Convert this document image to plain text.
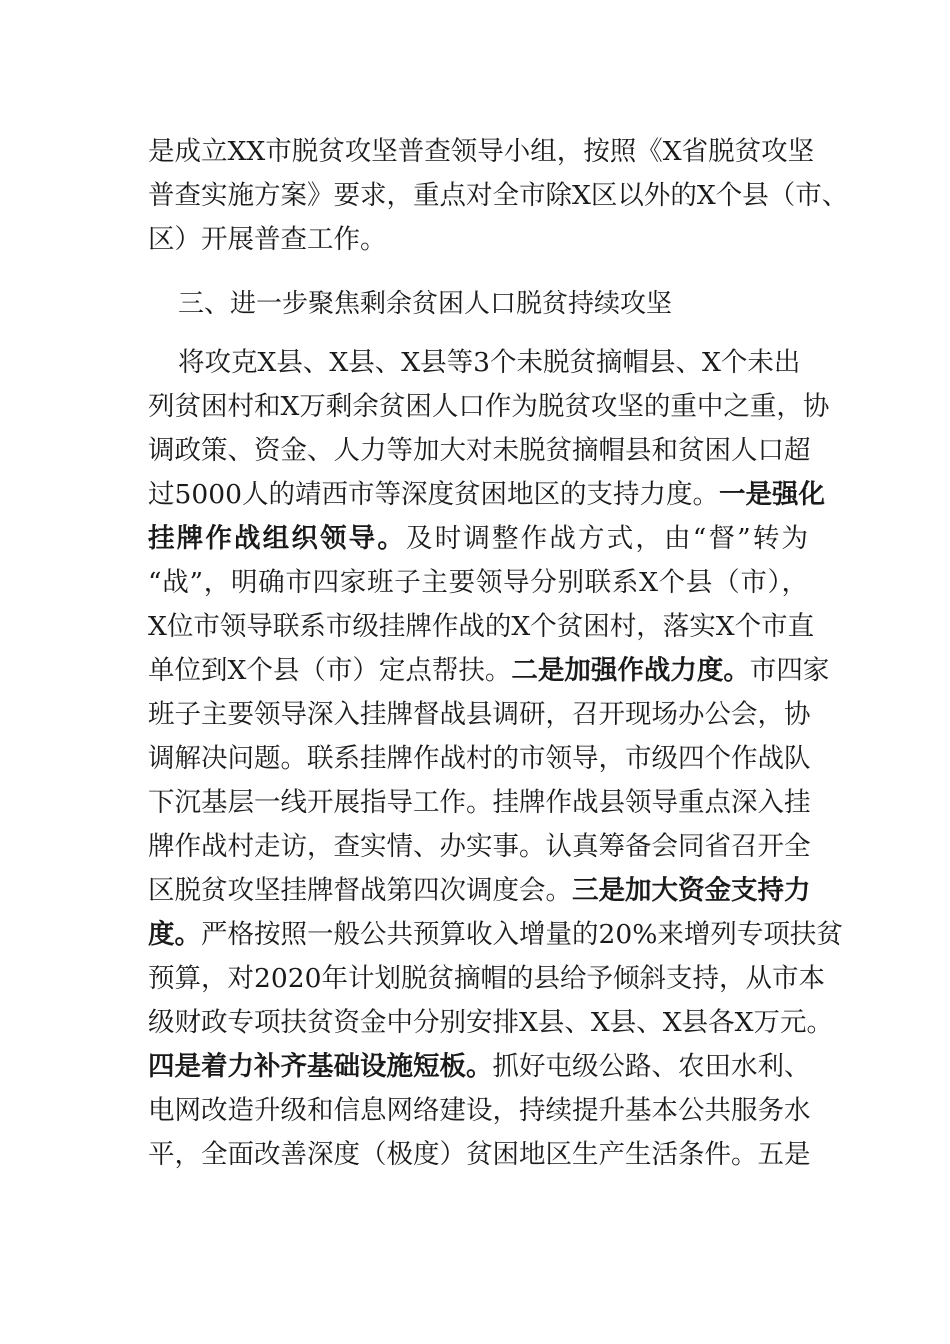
是成立XX市脱贫攻坚普查领导小组，按照《X省脱贫攻坚
普查实施方案》要求，重点对全市除X区以外的X个县（市、
区）开展普查工作。
三、进一步聚焦剩余贫困人口脱贫持续攻坚
将攻克X县、X县、X县等3个未脱贫摘帽县、X个未出
列贫困村和X万剩余贫困人口作为脱贫攻坚的重中之重，协
调政策、资金、人力等加大对未脱贫摘帽县和贫困人口超
过5000人的靖西市等深度贫困地区的支持力度。一是强化
挂牌作战组织领导。及时调整作战方式，由“督”转为
“战”，明确市四家班子主要领导分别联系X个县（市），
X位市领导联系市级挂牌作战的X个贫困村，落实X个市直
单位到X个县（市）定点帮扶。二是加强作战力度。市四家
班子主要领导深入挂牌督战县调研，召开现场办公会，协
调解决问题。联系挂牌作战村的市领导，市级四个作战队
下沉基层一线开展指导工作。挂牌作战县领导重点深入挂
牌作战村走访，查实情、办实事。认真筹备会同省召开全
区脱贫攻坚挂牌督战第四次调度会。三是加大资金支持力
度。严格按照一般公共预算收入增量的20%来增列专项扶贫
预算，对2020年计划脱贫摘帽的县给予倾斜支持，从市本
级财政专项扶贫资金中分别安排X县、X县、X县各X万元。
四是着力补齐基础设施短板。抓好屯级公路、农田水利、
电网改造升级和信息网络建设，持续提升基本公共服务水
平，全面改善深度（极度）贫困地区生产生活条件。五是
